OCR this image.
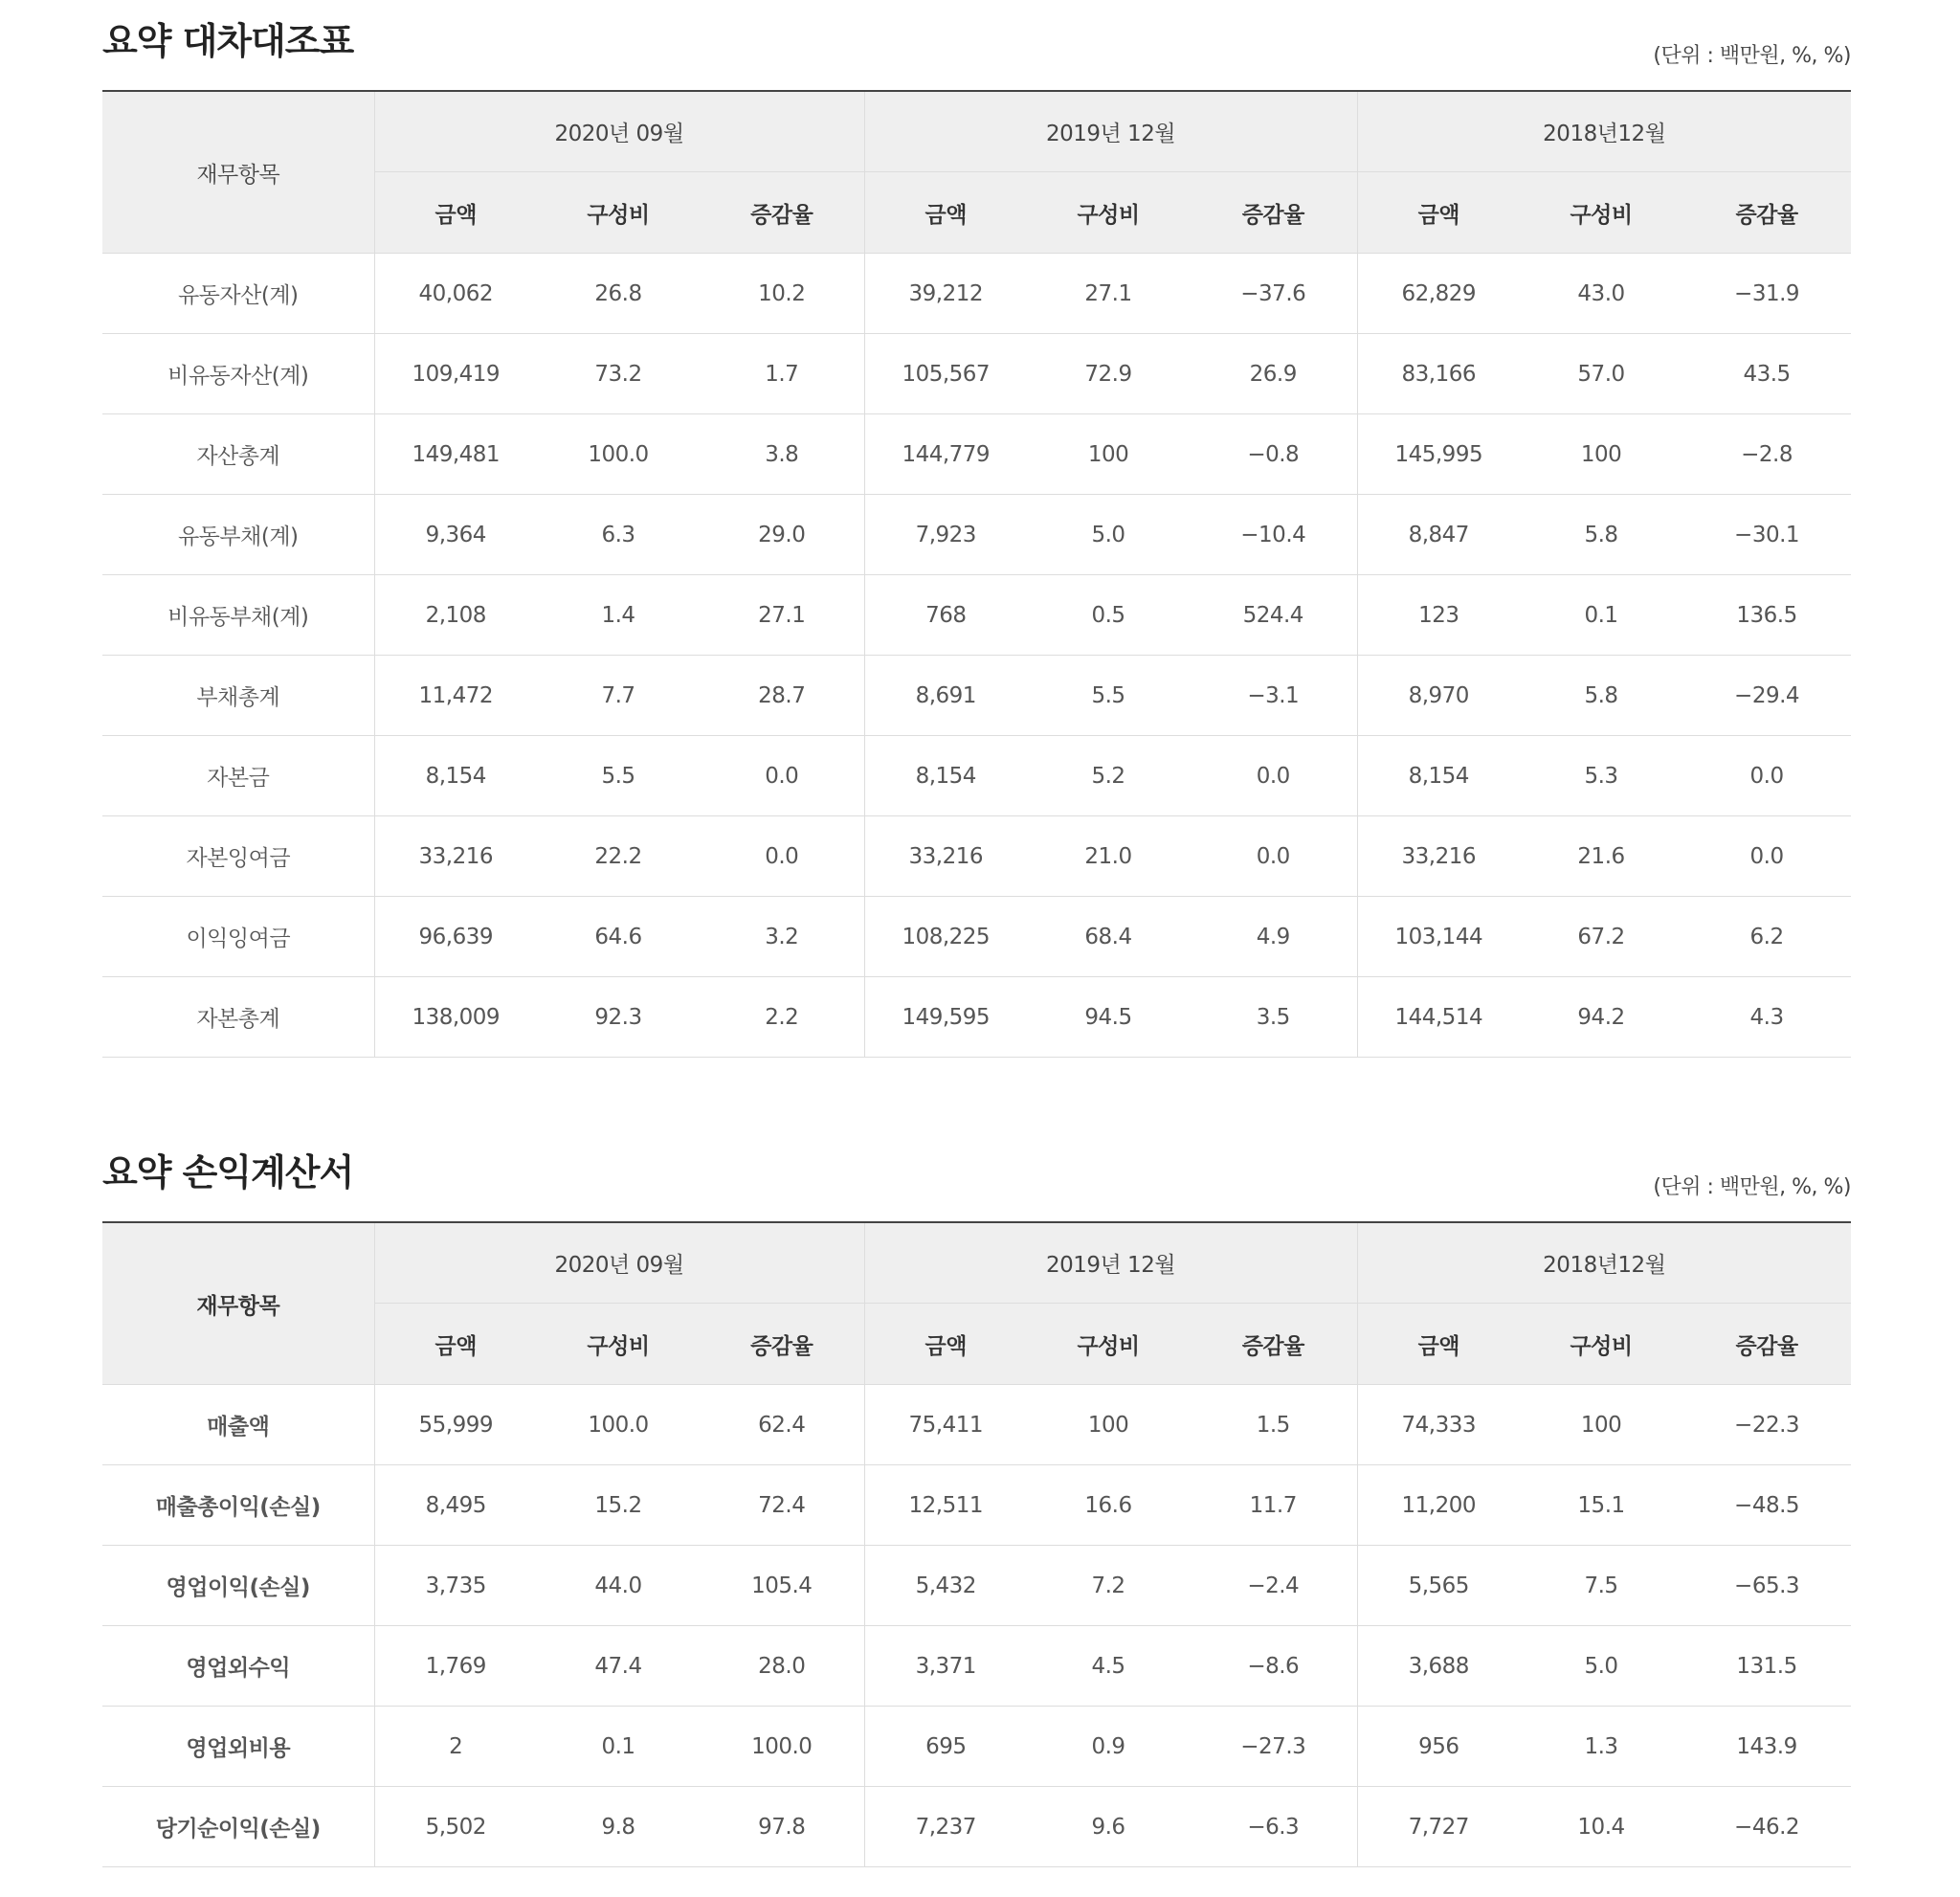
요약 대차대조표	(단위 : 백만원, %, %)
재무항목	2020년 09월			2019년 12월			2018년12월		
	금액	구성비	증감율	금액	구성비	증감율	금액	구성비	증감율
유동자산(계)	40,062	26.8	10.2	39,212	27.1	−37.6	62,829	43.0	−31.9
비유동자산(계)	109,419	73.2	1.7	105,567	72.9	26.9	83,166	57.0	43.5
자산총계	149,481	100.0	3.8	144,779	100	−0.8	145,995	100	−2.8
유동부채(계)	9,364	6.3	29.0	7,923	5.0	−10.4	8,847	5.8	−30.1
비유동부채(계)	2,108	1.4	27.1	768	0.5	524.4	123	0.1	136.5
부채총계	11,472	7.7	28.7	8,691	5.5	−3.1	8,970	5.8	−29.4
자본금	8,154	5.5	0.0	8,154	5.2	0.0	8,154	5.3	0.0
자본잉여금	33,216	22.2	0.0	33,216	21.0	0.0	33,216	21.6	0.0
이익잉여금	96,639	64.6	3.2	108,225	68.4	4.9	103,144	67.2	6.2
자본총계	138,009	92.3	2.2	149,595	94.5	3.5	144,514	94.2	4.3
요약 손익계산서	(단위 : 백만원, %, %)
재무항목	2020년 09월			2019년 12월			2018년12월		
	금액	구성비	증감율	금액	구성비	증감율	금액	구성비	증감율
매출액	55,999	100.0	62.4	75,411	100	1.5	74,333	100	−22.3
매출총이익(손실)	8,495	15.2	72.4	12,511	16.6	11.7	11,200	15.1	−48.5
영업이익(손실)	3,735	44.0	105.4	5,432	7.2	−2.4	5,565	7.5	−65.3
영업외수익	1,769	47.4	28.0	3,371	4.5	−8.6	3,688	5.0	131.5
영업외비용	2	0.1	100.0	695	0.9	−27.3	956	1.3	143.9
당기순이익(손실)	5,502	9.8	97.8	7,237	9.6	−6.3	7,727	10.4	−46.2
